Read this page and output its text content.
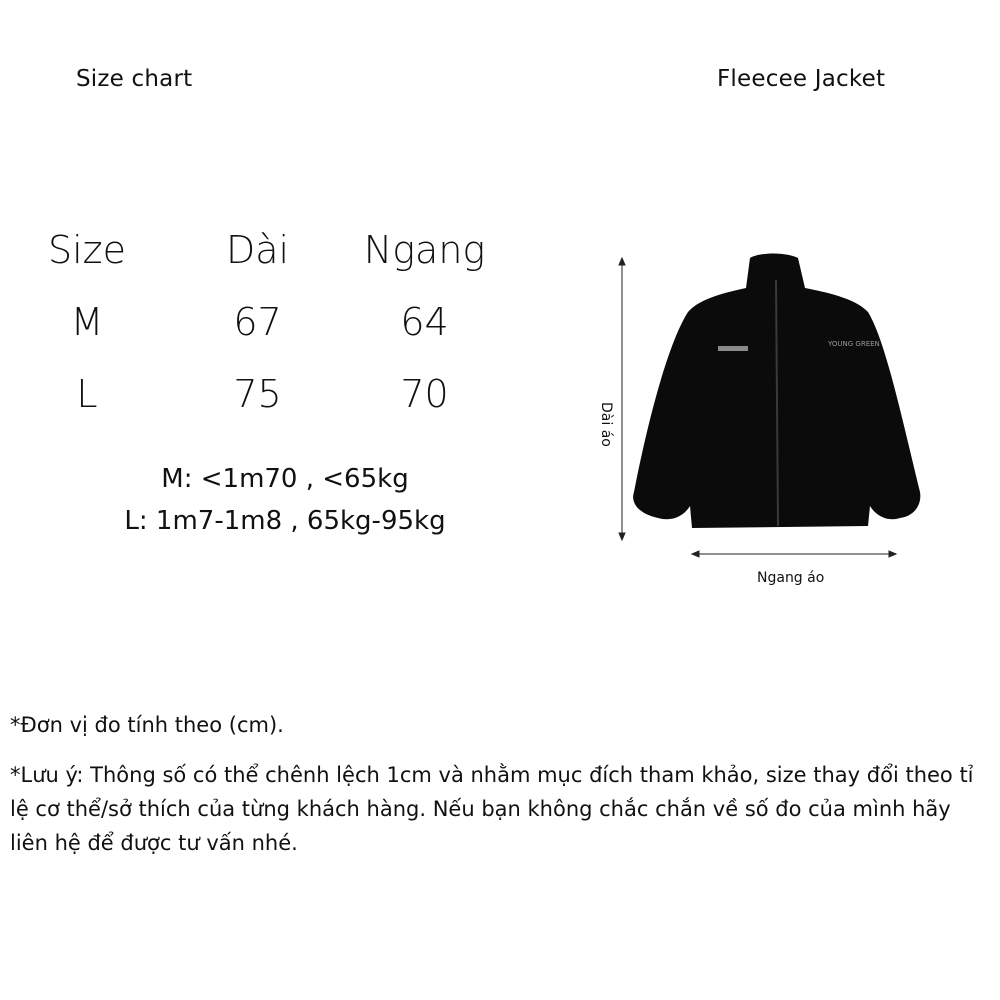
Size chart	Fleecee Jacket
Size	Dài	Ngang
M	67	64
L	75	70
M: <1m70 , <65kg
L: 1m7-1m8 , 65kg-95kg
YOUNG GREEN
Dài áo
Ngang áo
*Đơn vị đo tính theo (cm).
*Lưu ý: Thông số có thể chênh lệch 1cm và nhằm mục đích tham khảo, size thay đổi theo tỉ lệ cơ thể/sở thích của từng khách hàng. Nếu bạn không chắc chắn về số đo của mình hãy liên hệ để được tư vấn nhé.
